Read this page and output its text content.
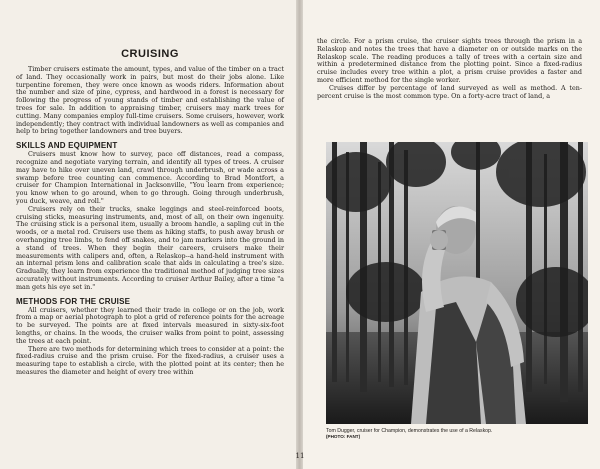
CRUISING

Timber cruisers estimate the amount, types, and value of the timber on a tract of land. They occasionally work in pairs, but most do their jobs alone. Like turpentine foremen, they were once known as woods riders. Information about the number and size of pine, cypress, and hardwood in a forest is necessary for following the progress of young stands of timber and establishing the value of trees for sale. In addition to appraising timber, cruisers may mark trees for cutting. Many companies employ full-time cruisers. Some cruisers, however, work independently; they contract with individual landowners as well as companies and help to bring together landowners and tree buyers.

SKILLS AND EQUIPMENT

Cruisers must know how to survey, pace off distances, read a compass, recognize and negotiate varying terrain, and identify all types of trees. A cruiser may have to hike over uneven land, crawl through underbrush, or wade across a swamp before tree counting can commence. According to Brad Montfort, a cruiser for Champion International in Jacksonville, "You learn from experience; you know when to go around, when to go through. Going through underbrush, you duck, weave, and roll."

Cruisers rely on their trucks, snake leggings and steel-reinforced boots, cruising sticks, measuring instruments, and, most of all, on their own ingenuity. The cruising stick is a personal item, usually a broom handle, a sapling cut in the woods, or a metal rod. Cruisers use them as hiking staffs, to push away brush or overhanging tree limbs, to fend off snakes, and to jam markers into the ground in a stand of trees. When they begin their careers, cruisers make their measurements with calipers and, often, a Relaskop--a hand-held instrument with an internal prism lens and calibration scale that aids in calculating a tree's size. Gradually, they learn from experience the traditional method of judging tree sizes accurately without instruments. According to cruiser Arthur Bailey, after a time "a man gets his eye set in."

METHODS FOR THE CRUISE

All cruisers, whether they learned their trade in college or on the job, work from a map or aerial photograph to plot a grid of reference points for the acreage to be surveyed. The points are at fixed intervals measured in sixty-six-foot lengths, or chains. In the woods, the cruiser walks from point to point, assessing the trees at each point.

There are two methods for determining which trees to consider at a point: the fixed-radius cruise and the prism cruise. For the fixed-radius, a cruiser uses a measuring tape to establish a circle, with the plotted point at its center; then he measures the diameter and height of every tree within

the circle. For a prism cruise, the cruiser sights trees through the prism in a Relaskop and notes the trees that have a diameter on or outside marks on the Relaskop scale. The reading produces a tally of trees with a certain size and within a predetermined distance from the plotting point. Since a fixed-radius cruise includes every tree within a plot, a prism cruise provides a faster and more efficient method for the single worker.

Cruises differ by percentage of land surveyed as well as method. A ten-percent cruise is the most common type. On a forty-acre tract of land, a

Tom Dugger, cruiser for Champion, demonstrates the use of a Relaskop.
(PHOTO: FANT)
11
